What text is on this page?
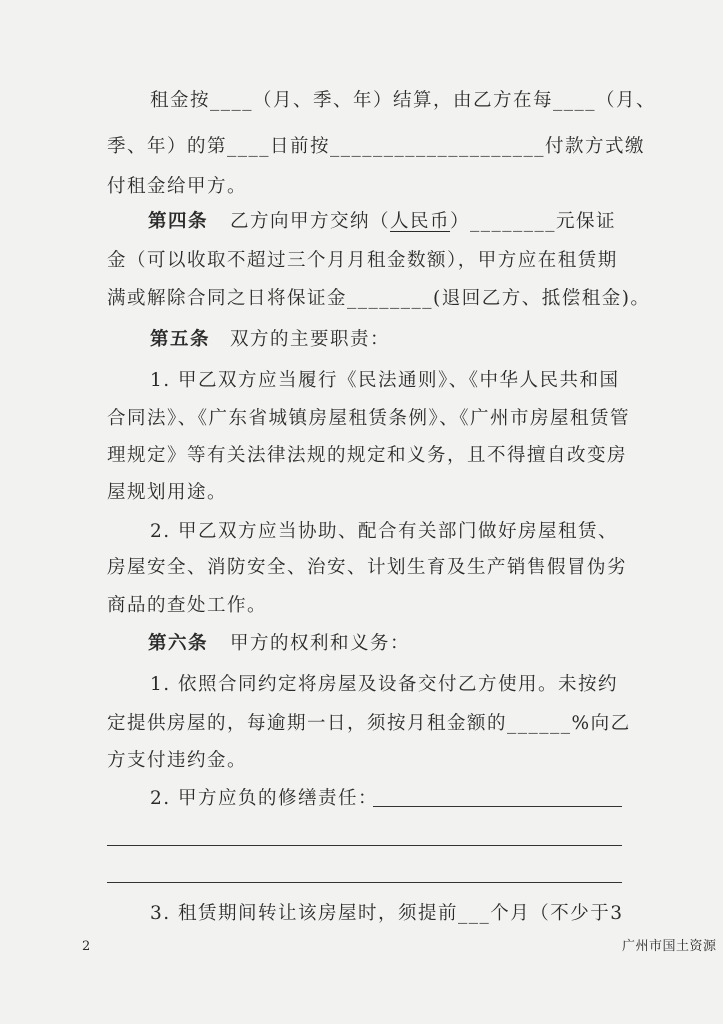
租金按____（月、季、年）结算，由乙方在每____（月、
季、年）的第____日前按____________________付款方式缴
付租金给甲方。
第四条 乙方向甲方交纳（人民币）________元保证
金（可以收取不超过三个月月租金数额），甲方应在租赁期
满或解除合同之日将保证金________(退回乙方、抵偿租金)。
第五条 双方的主要职责：
1. 甲乙双方应当履行《民法通则》、《中华人民共和国
合同法》、《广东省城镇房屋租赁条例》、《广州市房屋租赁管
理规定》等有关法律法规的规定和义务，且不得擅自改变房
屋规划用途。
2. 甲乙双方应当协助、配合有关部门做好房屋租赁、
房屋安全、消防安全、治安、计划生育及生产销售假冒伪劣
商品的查处工作。
第六条 甲方的权利和义务：
1. 依照合同约定将房屋及设备交付乙方使用。未按约
定提供房屋的，每逾期一日，须按月租金额的______%向乙
方支付违约金。
2. 甲方应负的修缮责任：
3. 租赁期间转让该房屋时，须提前___个月（不少于3
2	广州市国土资源
